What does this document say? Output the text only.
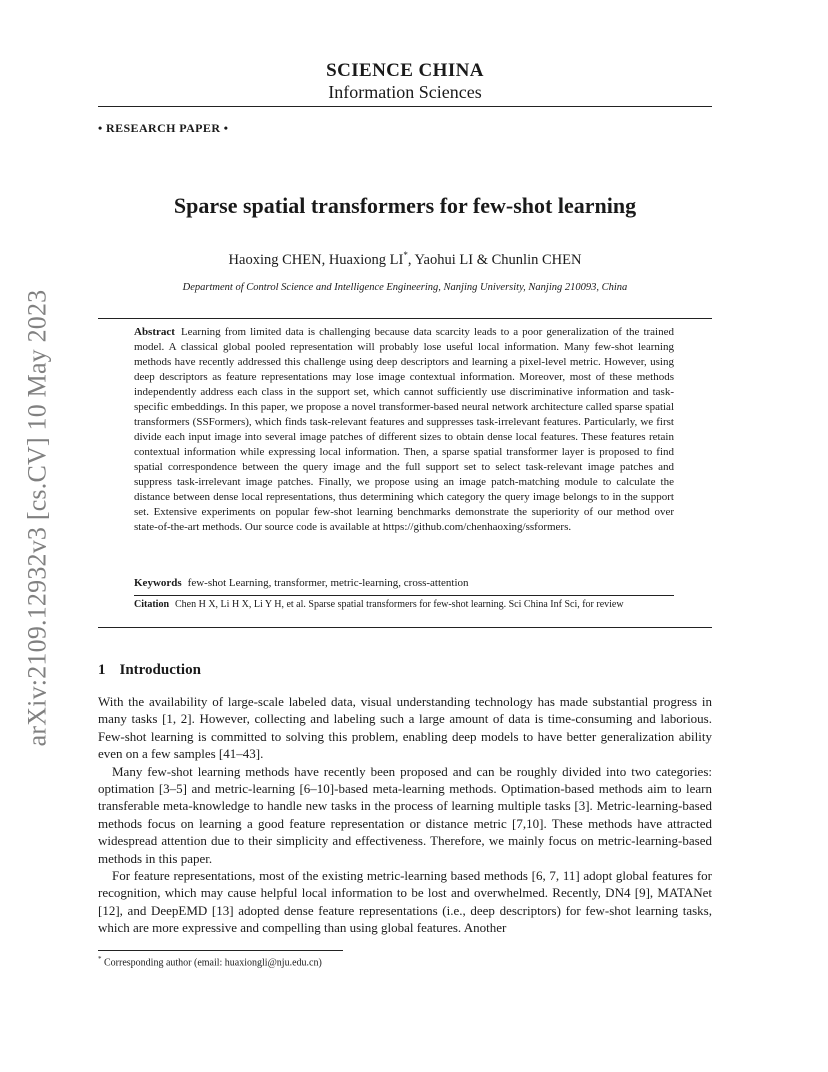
arXiv:2109.12932v3 [cs.CV] 10 May 2023
SCIENCE CHINA
Information Sciences
• RESEARCH PAPER •
Sparse spatial transformers for few-shot learning
Haoxing CHEN, Huaxiong LI*, Yaohui LI & Chunlin CHEN
Department of Control Science and Intelligence Engineering, Nanjing University, Nanjing 210093, China
Abstract Learning from limited data is challenging because data scarcity leads to a poor generalization of the trained model. A classical global pooled representation will probably lose useful local information. Many few-shot learning methods have recently addressed this challenge using deep descriptors and learning a pixel-level metric. However, using deep descriptors as feature representations may lose image contextual information. Moreover, most of these methods independently address each class in the support set, which cannot sufficiently use discriminative information and task-specific embeddings. In this paper, we propose a novel transformer-based neural network architecture called sparse spatial transformers (SSFormers), which finds task-relevant features and suppresses task-irrelevant features. Particularly, we first divide each input image into several image patches of different sizes to obtain dense local features. These features retain contextual information while expressing local information. Then, a sparse spatial transformer layer is proposed to find spatial correspondence between the query image and the full support set to select task-relevant image patches and suppress task-irrelevant image patches. Finally, we propose using an image patch-matching module to calculate the distance between dense local representations, thus determining which category the query image belongs to in the support set. Extensive experiments on popular few-shot learning benchmarks demonstrate the superiority of our method over state-of-the-art methods. Our source code is available at https://github.com/chenhaoxing/ssformers.
Keywords few-shot Learning, transformer, metric-learning, cross-attention
Citation Chen H X, Li H X, Li Y H, et al. Sparse spatial transformers for few-shot learning. Sci China Inf Sci, for review
1 Introduction

With the availability of large-scale labeled data, visual understanding technology has made substantial progress in many tasks [1, 2]. However, collecting and labeling such a large amount of data is time-consuming and laborious. Few-shot learning is committed to solving this problem, enabling deep models to have better generalization ability even on a few samples [41–43].

Many few-shot learning methods have recently been proposed and can be roughly divided into two categories: optimation [3–5] and metric-learning [6–10]-based meta-learning methods. Optimation-based methods aim to learn transferable meta-knowledge to handle new tasks in the process of learning multiple tasks [3]. Metric-learning-based methods focus on learning a good feature representation or distance metric [7,10]. These methods have attracted widespread attention due to their simplicity and effectiveness. Therefore, we mainly focus on metric-learning-based methods in this paper.

For feature representations, most of the existing metric-learning based methods [6, 7, 11] adopt global features for recognition, which may cause helpful local information to be lost and overwhelmed. Recently, DN4 [9], MATANet [12], and DeepEMD [13] adopted dense feature representations (i.e., deep descriptors) for few-shot learning tasks, which are more expressive and compelling than using global features. Another

* Corresponding author (email: huaxiongli@nju.edu.cn)
